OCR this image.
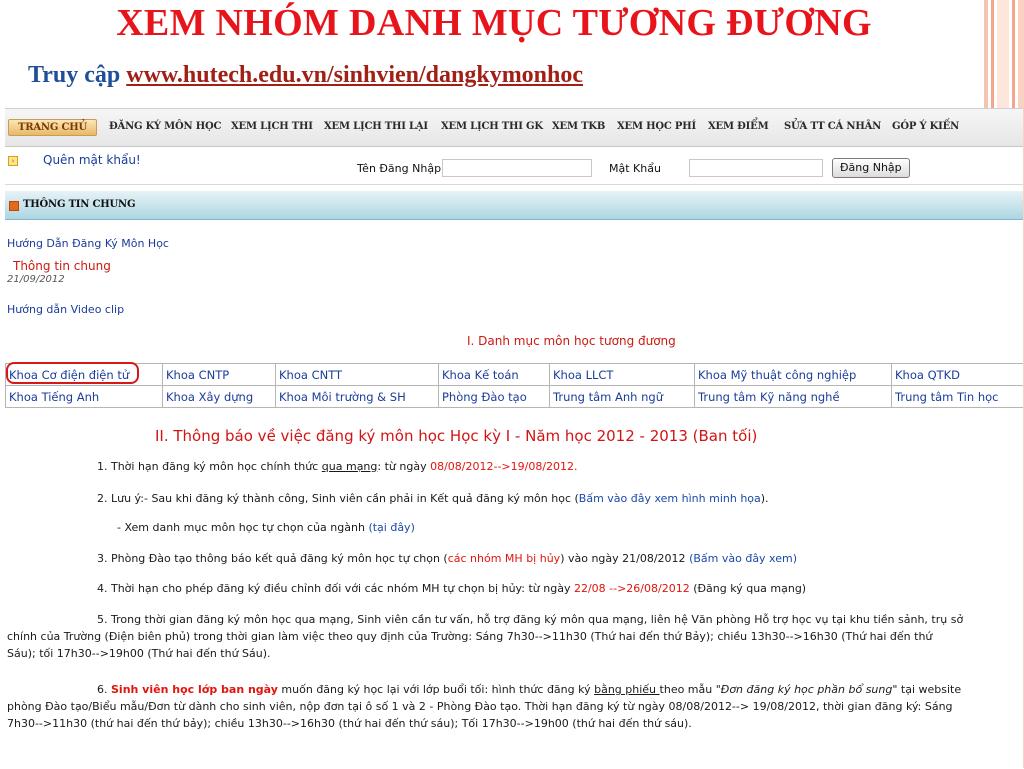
XEM NHÓM DANH MỤC TƯƠNG ĐƯƠNG
Truy cập www.hutech.edu.vn/sinhvien/dangkymonhoc
TRANG CHỦ	ĐĂNG KÝ MÔN HỌC XEM LỊCH THI XEM LỊCH THI LẠI XEM LỊCH THI GK XEM TKB XEM HỌC PHÍ XEM ĐIỂM SỬA TT CÁ NHÂN GÓP Ý KIẾN
› Quên mật khẩu!
Tên Đăng Nhập	Mật Khẩu	Đăng Nhập
THÔNG TIN CHUNG
Hướng Dẫn Đăng Ký Môn Học
Thông tin chung
21/09/2012
Hướng dẫn Video clip
I. Danh mục môn học tương đương
Khoa Cơ điện điện tử	Khoa CNTP	Khoa CNTT	Khoa Kế toán	Khoa LLCT	Khoa Mỹ thuật công nghiệp	Khoa QTKD
Khoa Tiếng Anh	Khoa Xây dựng	Khoa Môi trường & SH	Phòng Đào tạo	Trung tâm Anh ngữ	Trung tâm Kỹ năng nghề	Trung tâm Tin học
II. Thông báo về việc đăng ký môn học Học kỳ I - Năm học 2012 - 2013 (Ban tối)
1. Thời hạn đăng ký môn học chính thức qua mạng: từ ngày 08/08/2012-->19/08/2012.
2. Lưu ý:- Sau khi đăng ký thành công, Sinh viên cần phải in Kết quả đăng ký môn học (Bấm vào đây xem hình minh họa).
- Xem danh mục môn học tự chọn của ngành (tại đây)
3. Phòng Đào tạo thông báo kết quả đăng ký môn học tự chọn (các nhóm MH bị hủy) vào ngày 21/08/2012 (Bấm vào đây xem)
4. Thời hạn cho phép đăng ký điều chỉnh đối với các nhóm MH tự chọn bị hủy: từ ngày 22/08 -->26/08/2012 (Đăng ký qua mạng)
5. Trong thời gian đăng ký môn học qua mạng, Sinh viên cần tư vấn, hỗ trợ đăng ký môn qua mạng, liên hệ Văn phòng Hỗ trợ học vụ tại khu tiền sảnh, trụ sở
chính của Trường (Điện biên phủ) trong thời gian làm việc theo quy định của Trường: Sáng 7h30-->11h30 (Thứ hai đến thứ Bảy); chiều 13h30-->16h30 (Thứ hai đến thứ
Sáu); tối 17h30-->19h00 (Thứ hai đến thứ Sáu).
6. Sinh viên học lớp ban ngày muốn đăng ký học lại với lớp buổi tối: hình thức đăng ký bằng phiếu theo mẫu "Đơn đăng ký học phần bổ sung" tại website
phòng Đào tạo/Biểu mẫu/Đơn từ dành cho sinh viên, nộp đơn tại ô số 1 và 2 - Phòng Đào tạo. Thời hạn đăng ký từ ngày 08/08/2012--> 19/08/2012, thời gian đăng ký: Sáng
7h30-->11h30 (thứ hai đến thứ bảy); chiều 13h30-->16h30 (thứ hai đến thứ sáu); Tối 17h30-->19h00 (thứ hai đến thứ sáu).
